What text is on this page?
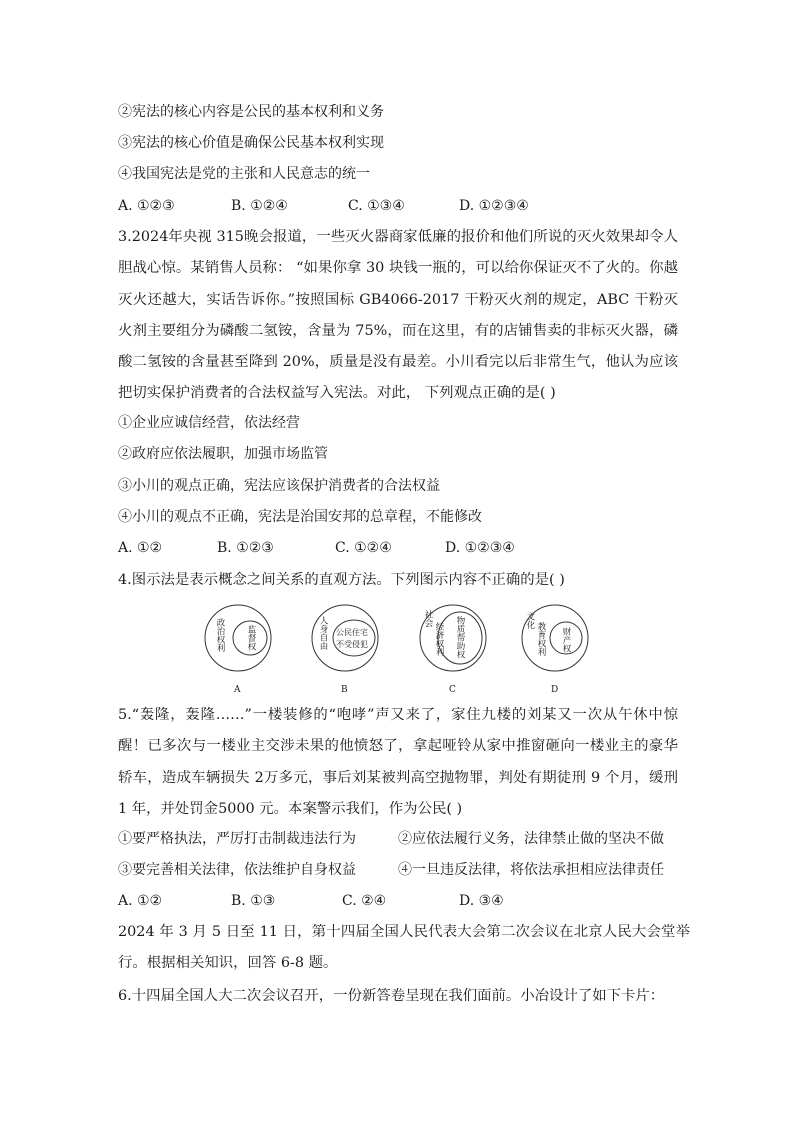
②宪法的核心内容是公民的基本权利和义务
③宪法的核心价值是确保公民基本权利实现
④我国宪法是党的主张和人民意志的统一
A. ①②③	B. ①②④	C. ①③④	D. ①②③④
3.2024年央视 315晚会报道，一些灭火器商家低廉的报价和他们所说的灭火效果却令人胆战心惊。某销售人员称： “如果你拿 30 块钱一瓶的，可以给你保证灭不了火的。你越灭火还越大，实话告诉你。”按照国标 GB4066-2017 干粉灭火剂的规定，ABC 干粉灭火剂主要组分为磷酸二氢铵，含量为 75%，而在这里，有的店铺售卖的非标灭火器，磷酸二氢铵的含量甚至降到 20%，质量是没有最差。小川看完以后非常生气，他认为应该把切实保护消费者的合法权益写入宪法。对此， 下列观点正确的是( )
①企业应诚信经营，依法经营
②政府应依法履职，加强市场监管
③小川的观点正确，宪法应该保护消费者的合法权益
④小川的观点不正确，宪法是治国安邦的总章程，不能修改
A. ①②	B. ①②③	C. ①②④	D. ①②③④
4.图示法是表示概念之间关系的直观方法。下列图示内容不正确的是( )
政治权利 监督权
A
人身自由 公民住宅
不受侵犯
B
社会
经济权利 物质帮助权
C
文化
教育权利 财产权
D
5.“轰隆，轰隆……”一楼装修的“咆哮”声又来了，家住九楼的刘某又一次从午休中惊醒！已多次与一楼业主交涉未果的他愤怒了，拿起哑铃从家中推窗砸向一楼业主的豪华轿车，造成车辆损失 2万多元，事后刘某被判高空抛物罪，判处有期徒刑 9 个月，缓刑 1 年，并处罚金5000 元。本案警示我们，作为公民( )
①要严格执法，严厉打击制裁违法行为	②应依法履行义务，法律禁止做的坚决不做
③要完善相关法律，依法维护自身权益	④一旦违反法律，将依法承担相应法律责任
A. ①②	B. ①③	C. ②④	D. ③④
2024 年 3 月 5 日至 11 日，第十四届全国人民代表大会第二次会议在北京人民大会堂举行。根据相关知识，回答 6-8 题。
6.十四届全国人大二次会议召开，一份新答卷呈现在我们面前。小冶设计了如下卡片：
